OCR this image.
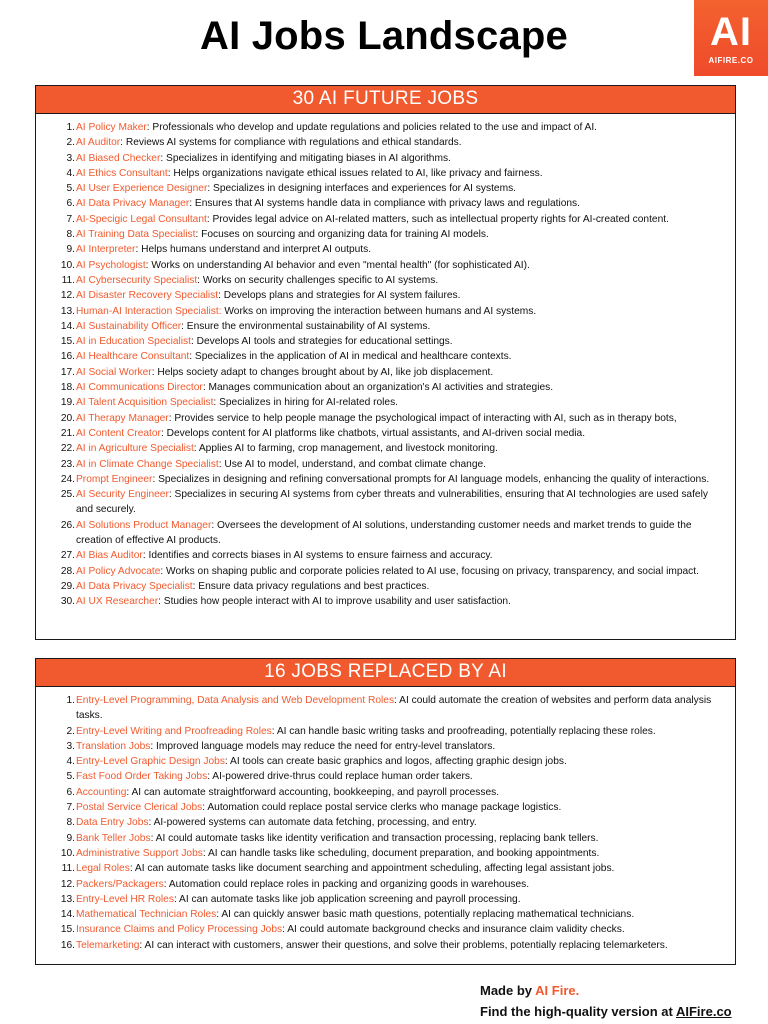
AI Jobs Landscape	AI
AIFIRE.CO
30 AI FUTURE JOBS
1. AI Policy Maker: Professionals who develop and update regulations and policies related to the use and impact of AI.
2. AI Auditor: Reviews AI systems for compliance with regulations and ethical standards.
3. AI Biased Checker: Specializes in identifying and mitigating biases in AI algorithms.
4. AI Ethics Consultant: Helps organizations navigate ethical issues related to AI, like privacy and fairness.
5. AI User Experience Designer: Specializes in designing interfaces and experiences for AI systems.
6. AI Data Privacy Manager: Ensures that AI systems handle data in compliance with privacy laws and regulations.
7. AI-Specigic Legal Consultant: Provides legal advice on AI-related matters, such as intellectual property rights for AI-created content.
8. AI Training Data Specialist: Focuses on sourcing and organizing data for training AI models.
9. AI Interpreter: Helps humans understand and interpret AI outputs.
10. AI Psychologist: Works on understanding AI behavior and even "mental health" (for sophisticated AI).
11. AI Cybersecurity Specialist: Works on security challenges specific to AI systems.
12. AI Disaster Recovery Specialist: Develops plans and strategies for AI system failures.
13. Human-AI Interaction Specialist: Works on improving the interaction between humans and AI systems.
14. AI Sustainability Officer: Ensure the environmental sustainability of AI systems.
15. AI in Education Specialist: Develops AI tools and strategies for educational settings.
16. AI Healthcare Consultant: Specializes in the application of AI in medical and healthcare contexts.
17. AI Social Worker: Helps society adapt to changes brought about by AI, like job displacement.
18. AI Communications Director: Manages communication about an organization's AI activities and strategies.
19. AI Talent Acquisition Specialist: Specializes in hiring for AI-related roles.
20. AI Therapy Manager: Provides service to help people manage the psychological impact of interacting with AI, such as in therapy bots,
21. AI Content Creator: Develops content for AI platforms like chatbots, virtual assistants, and AI-driven social media.
22. AI in Agriculture Specialist: Applies AI to farming, crop management, and livestock monitoring.
23. AI in Climate Change Specialist: Use AI to model, understand, and combat climate change.
24. Prompt Engineer: Specializes in designing and refining conversational prompts for AI language models, enhancing the quality of interactions.
25. AI Security Engineer: Specializes in securing AI systems from cyber threats and vulnerabilities, ensuring that AI technologies are used safely and securely.
26. AI Solutions Product Manager: Oversees the development of AI solutions, understanding customer needs and market trends to guide the creation of effective AI products.
27. AI Bias Auditor: Identifies and corrects biases in AI systems to ensure fairness and accuracy.
28. AI Policy Advocate: Works on shaping public and corporate policies related to AI use, focusing on privacy, transparency, and social impact.
29. AI Data Privacy Specialist: Ensure data privacy regulations and best practices.
30. AI UX Researcher: Studies how people interact with AI to improve usability and user satisfaction.
16 JOBS REPLACED BY AI
1. Entry-Level Programming, Data Analysis and Web Development Roles: AI could automate the creation of websites and perform data analysis tasks.
2. Entry-Level Writing and Proofreading Roles: AI can handle basic writing tasks and proofreading, potentially replacing these roles.
3. Translation Jobs: Improved language models may reduce the need for entry-level translators.
4. Entry-Level Graphic Design Jobs: AI tools can create basic graphics and logos, affecting graphic design jobs.
5. Fast Food Order Taking Jobs: AI-powered drive-thrus could replace human order takers.
6. Accounting: AI can automate straightforward accounting, bookkeeping, and payroll processes.
7. Postal Service Clerical Jobs: Automation could replace postal service clerks who manage package logistics.
8. Data Entry Jobs: AI-powered systems can automate data fetching, processing, and entry.
9. Bank Teller Jobs: AI could automate tasks like identity verification and transaction processing, replacing bank tellers.
10. Administrative Support Jobs: AI can handle tasks like scheduling, document preparation, and booking appointments.
11. Legal Roles: AI can automate tasks like document searching and appointment scheduling, affecting legal assistant jobs.
12. Packers/Packagers: Automation could replace roles in packing and organizing goods in warehouses.
13. Entry-Level HR Roles: AI can automate tasks like job application screening and payroll processing.
14. Mathematical Technician Roles: AI can quickly answer basic math questions, potentially replacing mathematical technicians.
15. Insurance Claims and Policy Processing Jobs: AI could automate background checks and insurance claim validity checks.
16. Telemarketing: AI can interact with customers, answer their questions, and solve their problems, potentially replacing telemarketers.
Made by AI Fire.
Find the high-quality version at AIFire.co
